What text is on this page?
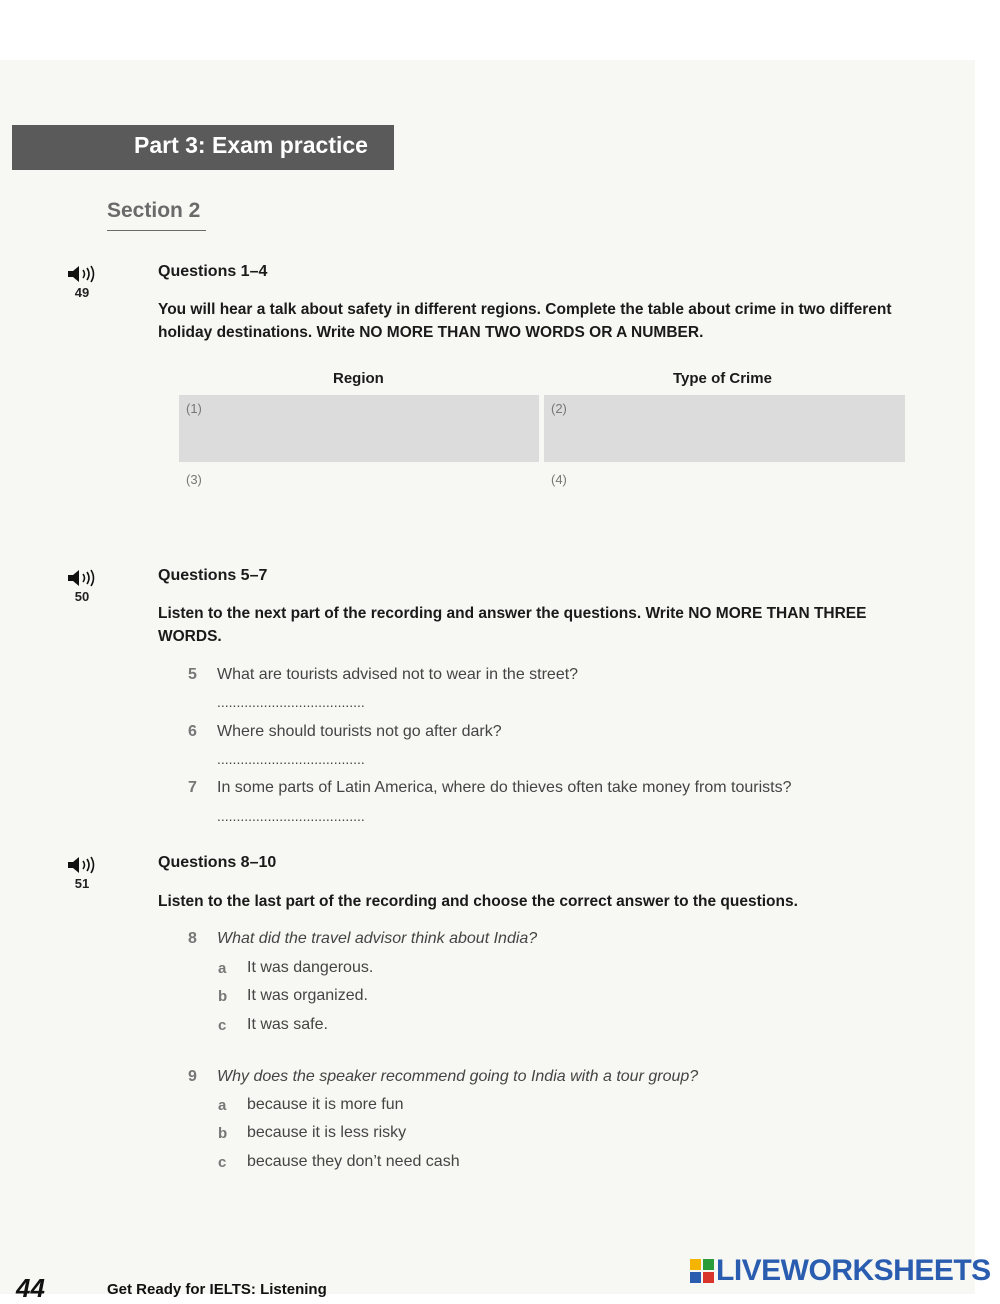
Part 3: Exam practice
Section 2
49
Questions 1–4
You will hear a talk about safety in different regions. Complete the table about crime in two different holiday destinations. Write NO MORE THAN TWO WORDS OR A NUMBER.
Region	Type of Crime
(1)	(2)
(3)	(4)
50
Questions 5–7
Listen to the next part of the recording and answer the questions. Write NO MORE THAN THREE WORDS.
5 What are tourists advised not to wear in the street?
......................................
6 Where should tourists not go after dark?
......................................
7 In some parts of Latin America, where do thieves often take money from tourists?
......................................
51
Questions 8–10
Listen to the last part of the recording and choose the correct answer to the questions.
8 What did the travel advisor think about India?
a It was dangerous.
b It was organized.
c It was safe.
9 Why does the speaker recommend going to India with a tour group?
a because it is more fun
b because it is less risky
c because they don’t need cash
44	Get Ready for IELTS: Listening
LIVEWORKSHEETS
